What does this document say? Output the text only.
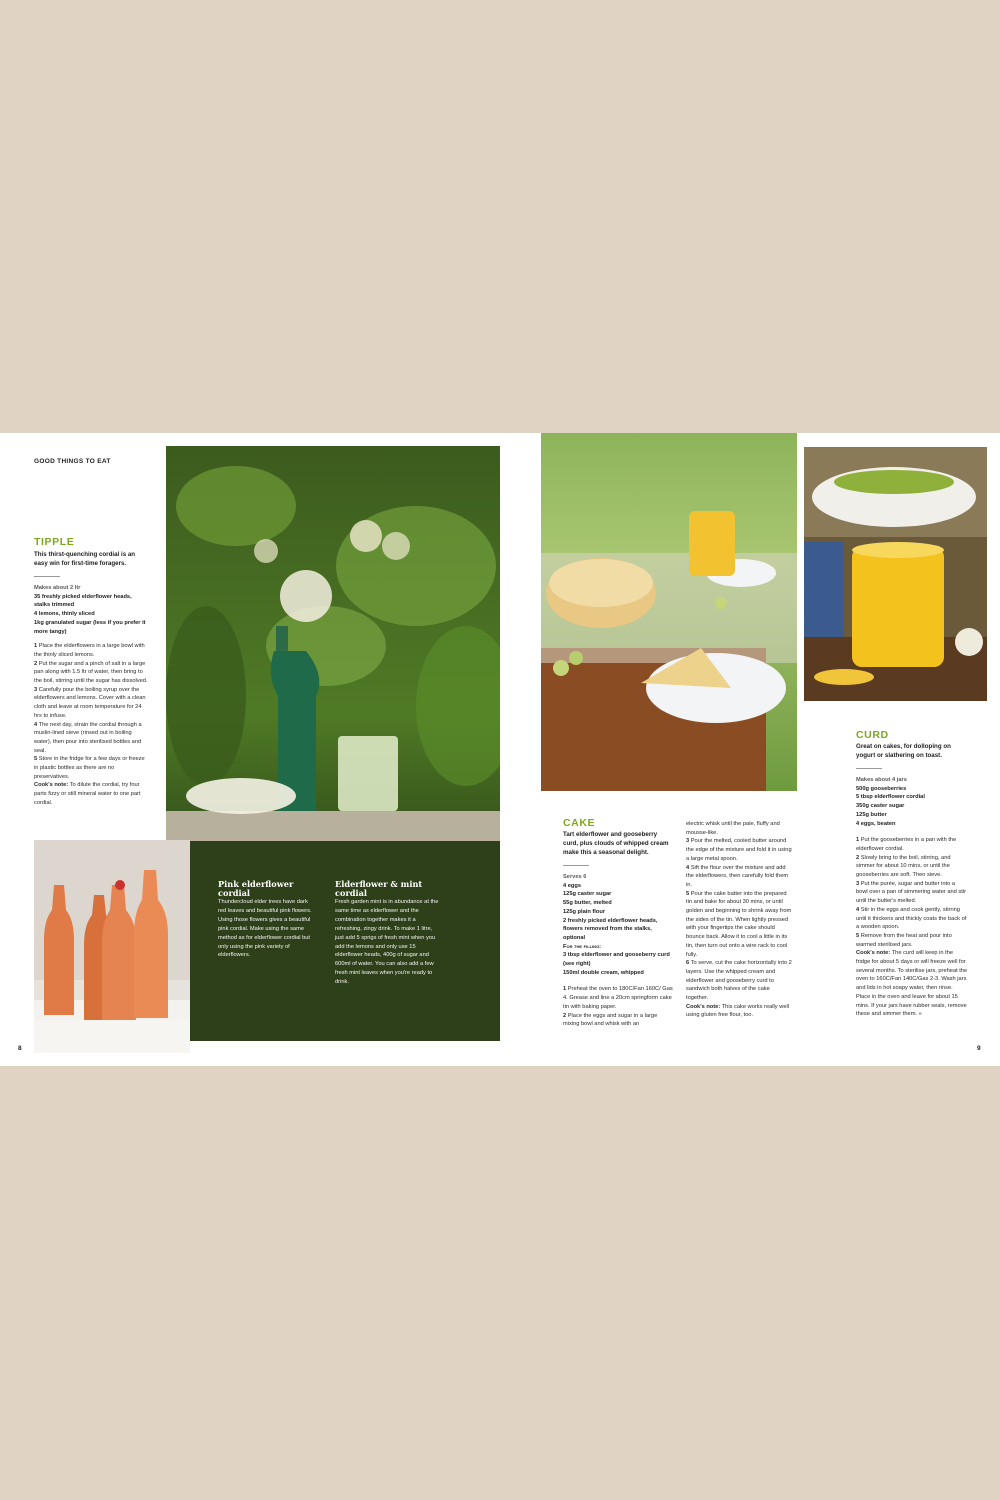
GOOD THINGS TO EAT
TIPPLE
This thirst-quenching cordial is an easy win for first-time foragers.

Makes about 2 ltr

35 freshly picked elderflower heads, stalks trimmed

4 lemons, thinly sliced

1kg granulated sugar (less if you prefer it more tangy)

1 Place the elderflowers in a large bowl with the thinly sliced lemons.

2 Put the sugar and a pinch of salt in a large pan along with 1.5 ltr of water, then bring to the boil, stirring until the sugar has dissolved.

3 Carefully pour the boiling syrup over the elderflowers and lemons. Cover with a clean cloth and leave at room temperature for 24 hrs to infuse.

4 The next day, strain the cordial through a muslin-lined sieve (rinsed out in boiling water), then pour into sterilised bottles and seal.

5 Store in the fridge for a few days or freeze in plastic bottles as there are no preservatives.

Cook's note: To dilute the cordial, try four parts fizzy or still mineral water to one part cordial.

Pink elderflower cordial
Thundercloud elder trees have dark red leaves and beautiful pink flowers. Using those flowers gives a beautiful pink cordial. Make using the same method as for elderflower cordial but only using the pink variety of elderflowers.
Elderflower & mint cordial
Fresh garden mint is in abundance at the same time as elderflower and the combination together makes it a refreshing, zingy drink. To make 1 litre, just add 5 sprigs of fresh mint when you add the lemons and only use 15 elderflower heads, 400g of sugar and 600ml of water. You can also add a few fresh mint leaves when you're ready to drink.
8
CAKE
Tart elderflower and gooseberry curd, plus clouds of whipped cream make this a seasonal delight.

Serves 6

4 eggs

125g caster sugar

55g butter, melted

125g plain flour

2 freshly picked elderflower heads, flowers removed from the stalks, optional

For the filling:

3 tbsp elderflower and gooseberry curd (see right)

150ml double cream, whipped

1 Preheat the oven to 180C/Fan 160C/ Gas 4. Grease and line a 20cm springform cake tin with baking paper.

2 Place the eggs and sugar in a large mixing bowl and whisk with an

electric whisk until the pale, fluffy and mousse-like.

3 Pour the melted, cooled butter around the edge of the mixture and fold it in using a large metal spoon.

4 Sift the flour over the mixture and add the elderflowers, then carefully fold them in.

5 Pour the cake batter into the prepared tin and bake for about 30 mins, or until golden and beginning to shrink away from the sides of the tin. When lightly pressed with your fingertips the cake should bounce back. Allow it to cool a little in its tin, then turn out onto a wire rack to cool fully.

6 To serve, cut the cake horizontally into 2 layers. Use the whipped cream and elderflower and gooseberry curd to sandwich both halves of the cake together.

Cook's note: This cake works really well using gluten free flour, too.

CURD
Great on cakes, for dolloping on yogurt or slathering on toast.

Makes about 4 jars

500g gooseberries

5 tbsp elderflower cordial

350g caster sugar

125g butter

4 eggs, beaten

1 Put the gooseberries in a pan with the elderflower cordial.

2 Slowly bring to the boil, stirring, and simmer for about 10 mins, or until the gooseberries are soft. Then sieve.

3 Put the purée, sugar and butter into a bowl over a pan of simmering water and stir until the butter's melted.

4 Stir in the eggs and cook gently, stirring until it thickens and thickly coats the back of a wooden spoon.

5 Remove from the heat and pour into warmed sterilised jars.

Cook's note: The curd will keep in the fridge for about 5 days or will freeze well for several months. To sterilise jars, preheat the oven to 160C/Fan 140C/Gas 2-3. Wash jars and lids in hot soapy water, then rinse. Place in the oven and leave for about 15 mins. If your jars have rubber seals, remove these and simmer them. »

9
